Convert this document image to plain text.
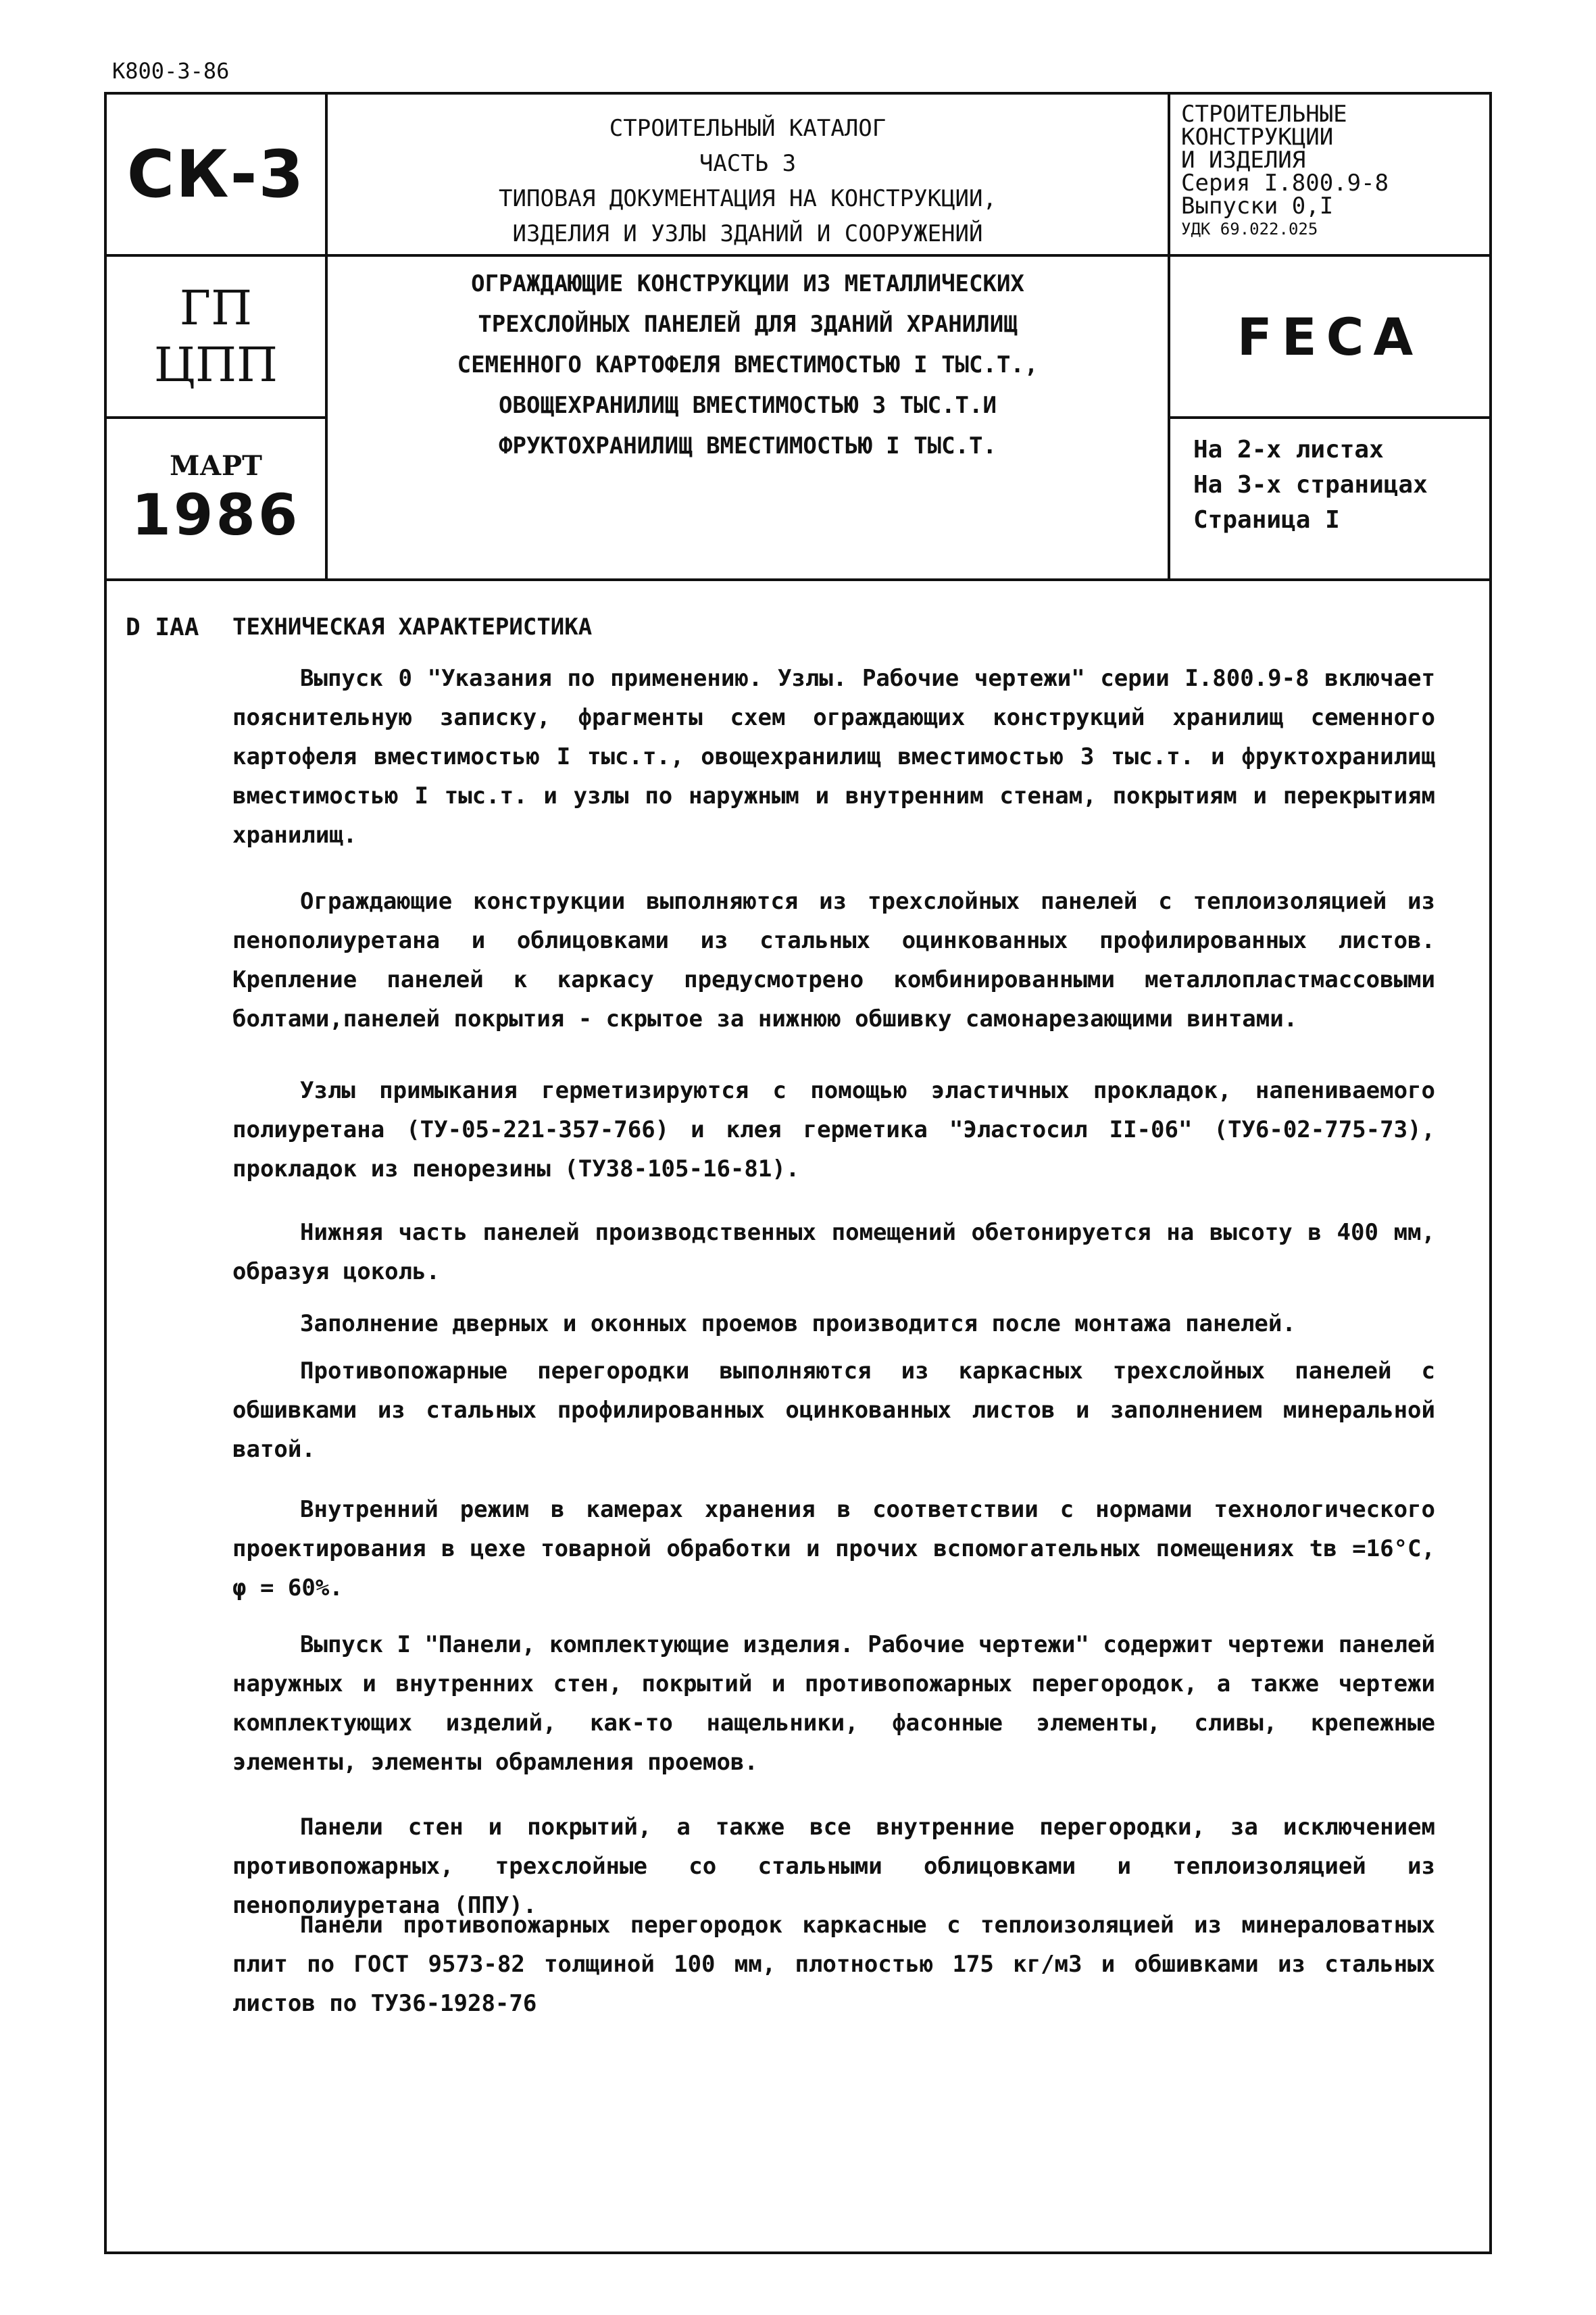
K800-3-86
СК-3
СТРОИТЕЛЬНЫЙ КАТАЛОГ
ЧАСТЬ 3
ТИПОВАЯ ДОКУМЕНТАЦИЯ НА КОНСТРУКЦИИ,
ИЗДЕЛИЯ И УЗЛЫ ЗДАНИЙ И СООРУЖЕНИЙ
СТРОИТЕЛЬНЫЕ
КОНСТРУКЦИИ
И ИЗДЕЛИЯ
Серия I.800.9-8
Выпуски 0,I
УДК 69.022.025
ГП
ЦПП
ОГРАЖДАЮЩИЕ КОНСТРУКЦИИ ИЗ МЕТАЛЛИЧЕСКИХ
ТРЕХСЛОЙНЫХ ПАНЕЛЕЙ ДЛЯ ЗДАНИЙ ХРАНИЛИЩ
СЕМЕННОГО КАРТОФЕЛЯ ВМЕСТИМОСТЬЮ I ТЫС.Т.,
ОВОЩЕХРАНИЛИЩ ВМЕСТИМОСТЬЮ 3 ТЫС.Т.И
ФРУКТОХРАНИЛИЩ ВМЕСТИМОСТЬЮ I ТЫС.Т.
FECA
МАРТ
1986
На 2-х листах
На 3-х страницах
Страница I
D IAA ТЕХНИЧЕСКАЯ ХАРАКТЕРИСТИКА
Выпуск 0 "Указания по применению. Узлы. Рабочие чертежи" серии I.800.9-8 включает пояснительную записку, фрагменты схем ограждающих конструкций хранилищ семенного картофеля вместимостью I тыс.т., овощехранилищ вместимостью 3 тыс.т. и фруктохранилищ вместимостью I тыс.т. и узлы по наружным и внутренним стенам, покрытиям и перекрытиям хранилищ.
Ограждающие конструкции выполняются из трехслойных панелей с теплоизоляцией из пенополиуретана и облицовками из стальных оцинкованных профилированных листов. Крепление панелей к каркасу предусмотрено комбинированными металлопластмассовыми болтами,панелей покрытия - скрытое за нижнюю обшивку самонарезающими винтами.
Узлы примыкания герметизируются с помощью эластичных прокладок, напениваемого полиуретана (ТУ-05-221-357-766) и клея герметика "Эластосил II-06" (ТУ6-02-775-73), прокладок из пенорезины (ТУ38-105-16-81).
Нижняя часть панелей производственных помещений обетонируется на высоту в 400 мм, образуя цоколь.
Заполнение дверных и оконных проемов производится после монтажа панелей.
Противопожарные перегородки выполняются из каркасных трехслойных панелей с обшивками из стальных профилированных оцинкованных листов и заполнением минеральной ватой.
Внутренний режим в камерах хранения в соответствии с нормами технологического проектирования в цехе товарной обработки и прочих вспомогательных помещениях tв =16°C, φ = 60%.
Выпуск I "Панели, комплектующие изделия. Рабочие чертежи" содержит чертежи панелей наружных и внутренних стен, покрытий и противопожарных перегородок, а также чертежи комплектующих изделий, как-то нащельники, фасонные элементы, сливы, крепежные элементы, элементы обрамления проемов.
Панели стен и покрытий, а также все внутренние перегородки, за исключением противопожарных, трехслойные со стальными облицовками и теплоизоляцией из пенополиуретана (ППУ).
Панели противопожарных перегородок каркасные с теплоизоляцией из минераловатных плит по ГОСТ 9573-82 толщиной 100 мм, плотностью 175 кг/м3 и обшивками из стальных листов по ТУ36-1928-76
